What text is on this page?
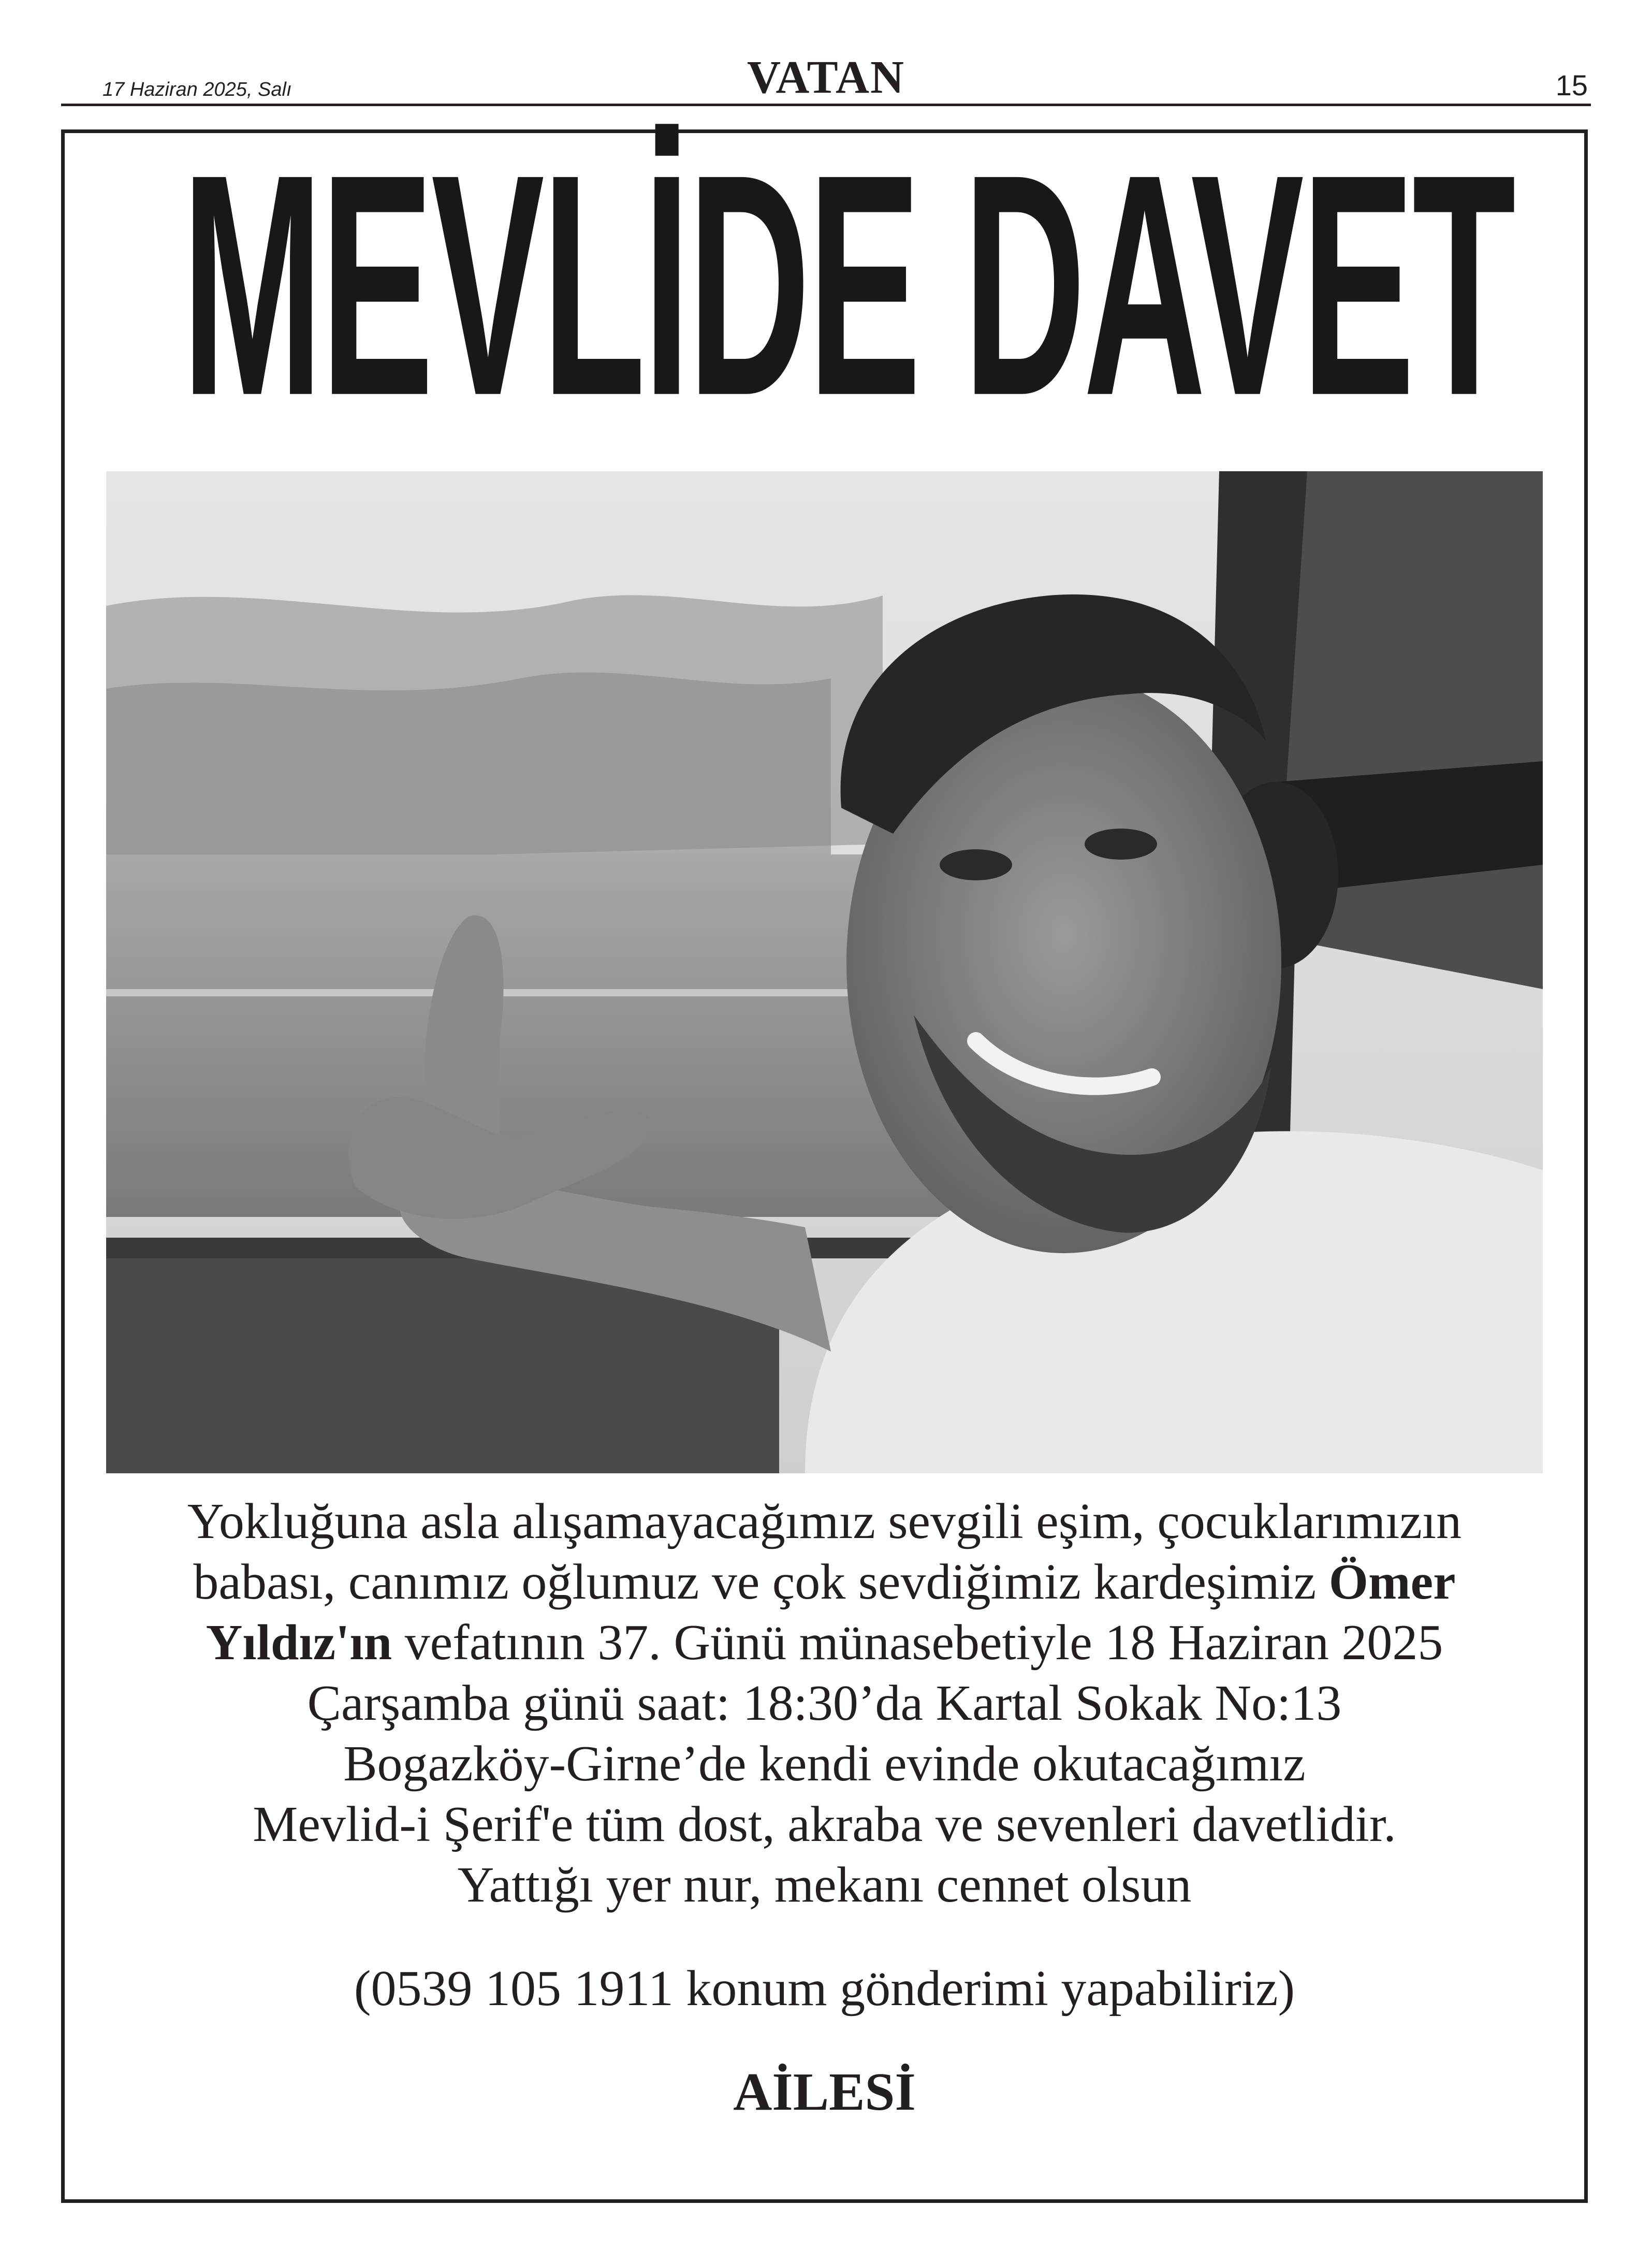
17 Haziran 2025, Salı	VATAN	15
MEVLİDE DAVET
Yokluğuna asla alışamayacağımız sevgili eşim, çocuklarımızın
babası, canımız oğlumuz ve çok sevdiğimiz kardeşimiz Ömer
Yıldız'ın vefatının 37. Günü münasebetiyle 18 Haziran 2025
Çarşamba günü saat: 18:30’da Kartal Sokak No:13
Bogazköy-Girne’de kendi evinde okutacağımız
Mevlid-i Şerif'e tüm dost, akraba ve sevenleri davetlidir.
Yattığı yer nur, mekanı cennet olsun
(0539 105 1911 konum gönderimi yapabiliriz)
AİLESİ
